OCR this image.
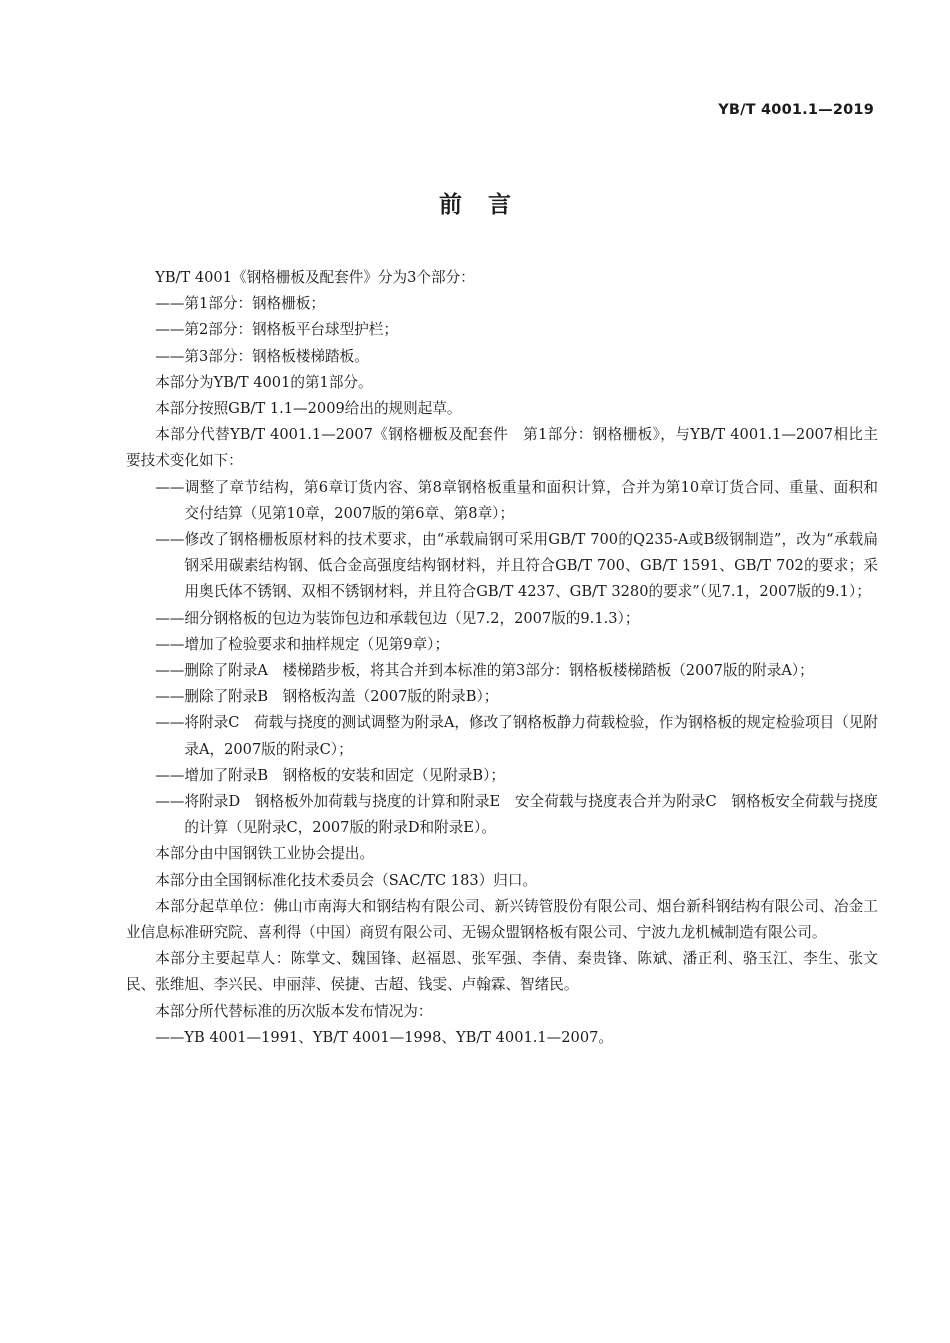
YB/T 4001.1—2019
前言
YB/T 4001《钢格栅板及配套件》分为3个部分：
——第1部分：钢格栅板；
——第2部分：钢格板平台球型护栏；
——第3部分：钢格板楼梯踏板。
本部分为YB/T 4001的第1部分。
本部分按照GB/T 1.1—2009给出的规则起草。
本部分代替YB/T 4001.1—2007《钢格栅板及配套件　第1部分：钢格栅板》，与YB/T 4001.1—2007相比主要技术变化如下：
——调整了章节结构，第6章订货内容、第8章钢格板重量和面积计算，合并为第10章订货合同、重量、面积和交付结算（见第10章，2007版的第6章、第8章）；
——修改了钢格栅板原材料的技术要求，由“承载扁钢可采用GB/T 700的Q235-A或B级钢制造”，改为“承载扁钢采用碳素结构钢、低合金高强度结构钢材料，并且符合GB/T 700、GB/T 1591、GB/T 702的要求；采用奥氏体不锈钢、双相不锈钢材料，并且符合GB/T 4237、GB/T 3280的要求”（见7.1，2007版的9.1）；
——细分钢格板的包边为装饰包边和承载包边（见7.2，2007版的9.1.3）；
——增加了检验要求和抽样规定（见第9章）；
——删除了附录A　楼梯踏步板，将其合并到本标准的第3部分：钢格板楼梯踏板（2007版的附录A）；
——删除了附录B　钢格板沟盖（2007版的附录B）；
——将附录C　荷载与挠度的测试调整为附录A，修改了钢格板静力荷载检验，作为钢格板的规定检验项目（见附录A，2007版的附录C）；
——增加了附录B　钢格板的安装和固定（见附录B）；
——将附录D　钢格板外加荷载与挠度的计算和附录E　安全荷载与挠度表合并为附录C　钢格板安全荷载与挠度的计算（见附录C，2007版的附录D和附录E）。
本部分由中国钢铁工业协会提出。
本部分由全国钢标准化技术委员会（SAC/TC 183）归口。
本部分起草单位：佛山市南海大和钢结构有限公司、新兴铸管股份有限公司、烟台新科钢结构有限公司、冶金工业信息标准研究院、喜利得（中国）商贸有限公司、无锡众盟钢格板有限公司、宁波九龙机械制造有限公司。
本部分主要起草人：陈掌文、魏国锋、赵福恩、张军强、李倩、秦贵锋、陈斌、潘正利、骆玉江、李生、张文民、张维旭、李兴民、申丽萍、侯捷、古超、钱雯、卢翰霖、智绪民。
本部分所代替标准的历次版本发布情况为：
——YB 4001—1991、YB/T 4001—1998、YB/T 4001.1—2007。
